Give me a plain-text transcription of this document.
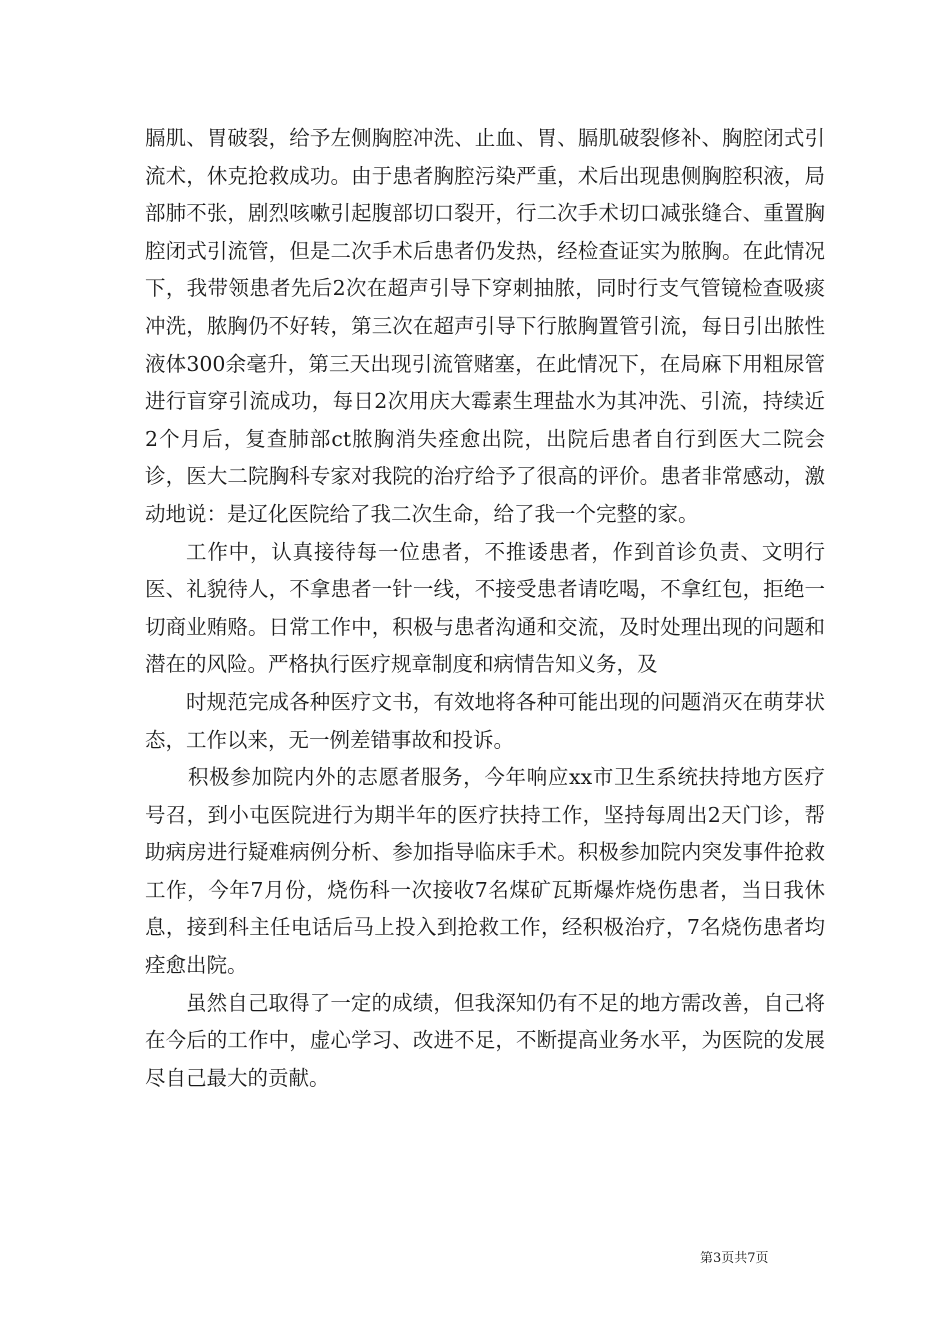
膈肌、胃破裂，给予左侧胸腔冲洗、止血、胃、膈肌破裂修补、胸腔闭式引流术，休克抢救成功。由于患者胸腔污染严重，术后出现患侧胸腔积液，局部肺不张，剧烈咳嗽引起腹部切口裂开，行二次手术切口减张缝合、重置胸腔闭式引流管，但是二次手术后患者仍发热，经检查证实为脓胸。在此情况下，我带领患者先后2次在超声引导下穿刺抽脓，同时行支气管镜检查吸痰冲洗，脓胸仍不好转，第三次在超声引导下行脓胸置管引流，每日引出脓性液体300余毫升，第三天出现引流管赌塞，在此情况下，在局麻下用粗尿管进行盲穿引流成功，每日2次用庆大霉素生理盐水为其冲洗、引流，持续近2个月后，复查肺部ct脓胸消失痊愈出院，出院后患者自行到医大二院会诊，医大二院胸科专家对我院的治疗给予了很高的评价。患者非常感动，激动地说：是辽化医院给了我二次生命，给了我一个完整的家。

工作中，认真接待每一位患者，不推诿患者，作到首诊负责、文明行医、礼貌待人，不拿患者一针一线，不接受患者请吃喝，不拿红包，拒绝一切商业贿赂。日常工作中，积极与患者沟通和交流，及时处理出现的问题和潜在的风险。严格执行医疗规章制度和病情告知义务，及

时规范完成各种医疗文书，有效地将各种可能出现的问题消灭在萌芽状态，工作以来，无一例差错事故和投诉。

积极参加院内外的志愿者服务，今年响应xx市卫生系统扶持地方医疗号召，到小屯医院进行为期半年的医疗扶持工作，坚持每周出2天门诊，帮助病房进行疑难病例分析、参加指导临床手术。积极参加院内突发事件抢救工作，今年7月份，烧伤科一次接收7名煤矿瓦斯爆炸烧伤患者，当日我休息，接到科主任电话后马上投入到抢救工作，经积极治疗，7名烧伤患者均痊愈出院。

虽然自己取得了一定的成绩，但我深知仍有不足的地方需改善，自己将在今后的工作中，虚心学习、改进不足，不断提高业务水平，为医院的发展尽自己最大的贡献。

第3页共7页
